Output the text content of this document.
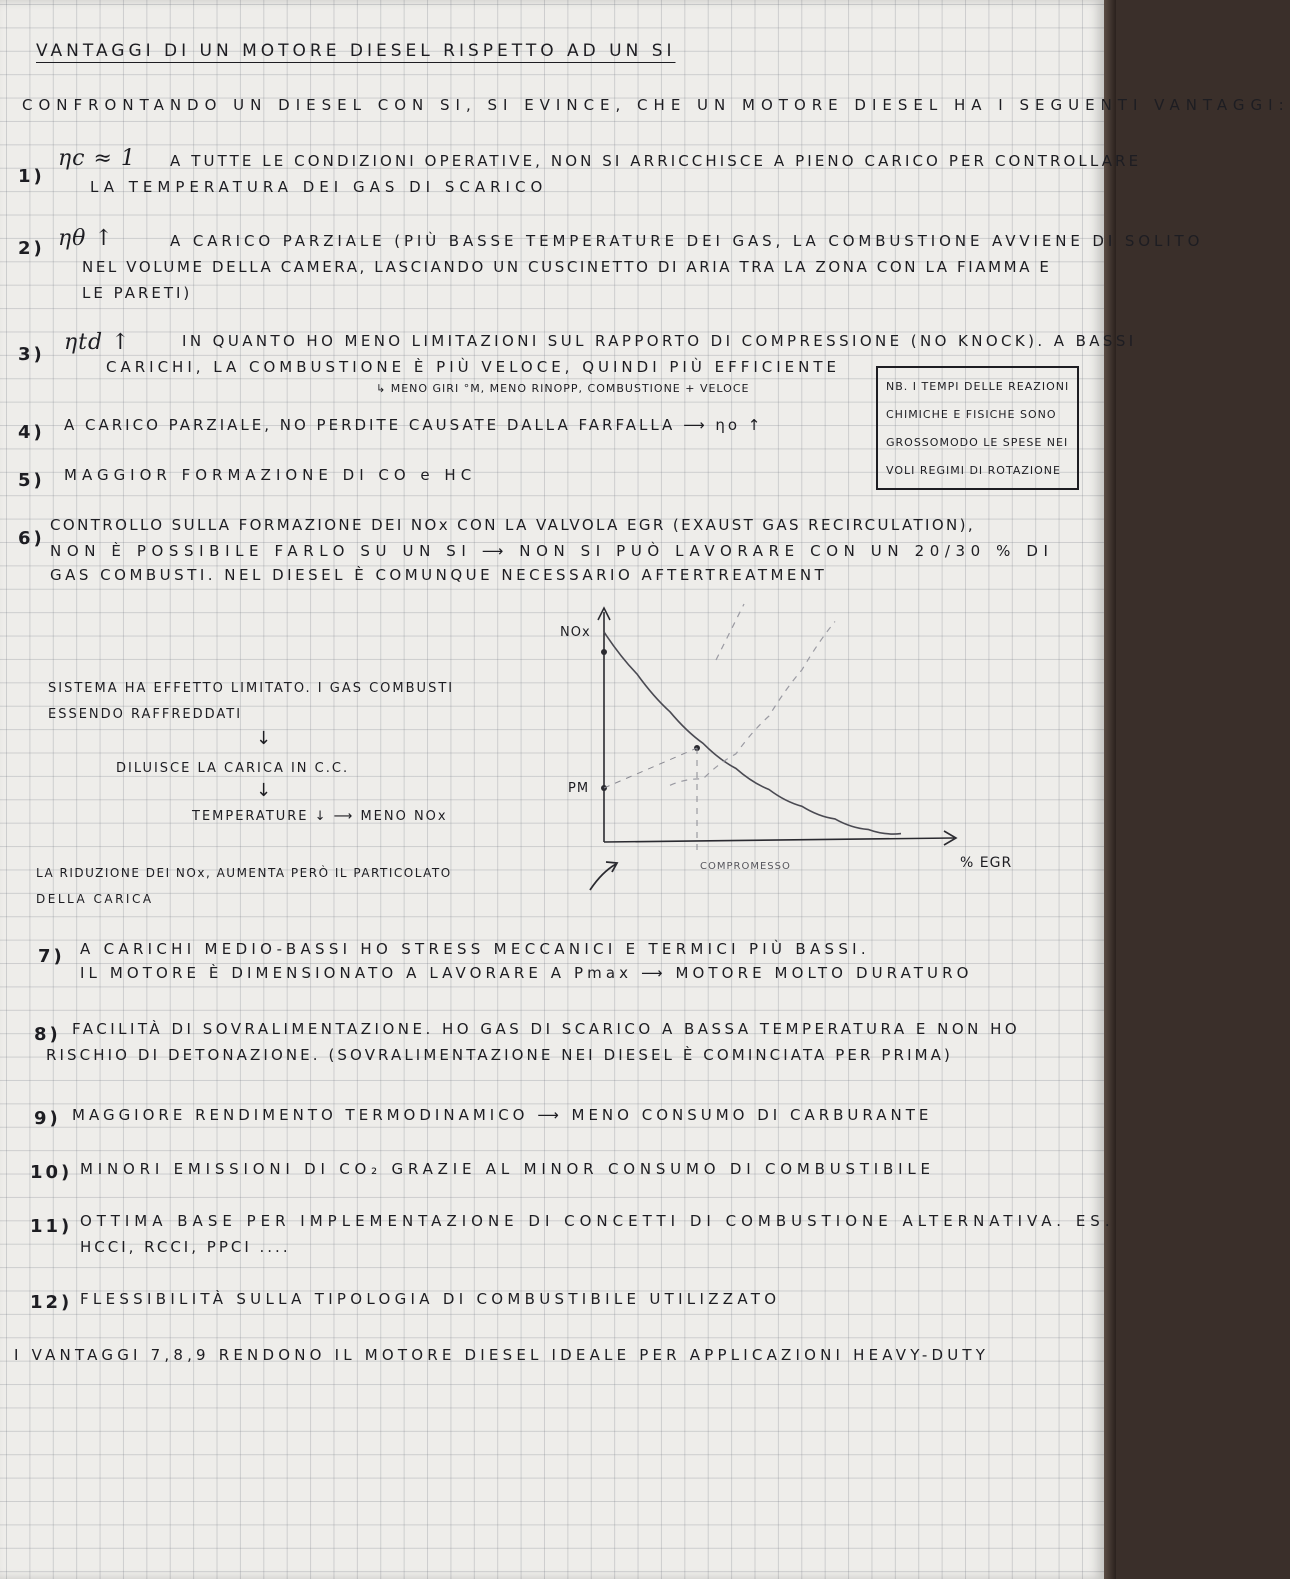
VANTAGGI DI UN MOTORE DIESEL RISPETTO AD UN SI

CONFRONTANDO UN DIESEL CON SI, SI EVINCE, CHE UN MOTORE DIESEL HA I SEGUENTI VANTAGGI:

1)

ηc ≈ 1 A TUTTE LE CONDIZIONI OPERATIVE, NON SI ARRICCHISCE A PIENO CARICO PER CONTROLLARE

LA TEMPERATURA DEI GAS DI SCARICO

2) ηθ ↑	A CARICO PARZIALE (PIÙ BASSE TEMPERATURE DEI GAS, LA COMBUSTIONE AVVIENE DI SOLITO

NEL VOLUME DELLA CAMERA, LASCIANDO UN CUSCINETTO DI ARIA TRA LA ZONA CON LA FIAMMA E

LE PARETI)

3) ηtd ↑	IN QUANTO HO MENO LIMITAZIONI SUL RAPPORTO DI COMPRESSIONE (NO KNOCK). A BASSI

CARICHI, LA COMBUSTIONE È PIÙ VELOCE, QUINDI PIÙ EFFICIENTE

↳ MENO GIRI °M, MENO RINOPP, COMBUSTIONE + VELOCE

4) A CARICO PARZIALE, NO PERDITE CAUSATE DALLA FARFALLA ⟶ ηo ↑

5) MAGGIOR FORMAZIONE DI CO e HC

NB. I TEMPI DELLE REAZIONI

CHIMICHE E FISICHE SONO

GROSSOMODO LE SPESE NEI

VOLI REGIMI DI ROTAZIONE

6)

CONTROLLO SULLA FORMAZIONE DEI NOx CON LA VALVOLA EGR (EXAUST GAS RECIRCULATION),

NON È POSSIBILE FARLO SU UN SI ⟶ NON SI PUÒ LAVORARE CON UN 20/30 % DI

GAS COMBUSTI. NEL DIESEL È COMUNQUE NECESSARIO AFTERTREATMENT

SISTEMA HA EFFETTO LIMITATO. I GAS COMBUSTI

ESSENDO RAFFREDDATI

↓

DILUISCE LA CARICA IN C.C.

↓

TEMPERATURE ↓ ⟶ MENO NOx

LA RIDUZIONE DEI NOx, AUMENTA PERÒ IL PARTICOLATO

DELLA CARICA

NOx

PM

COMPROMESSO	% EGR

7) A CARICHI MEDIO-BASSI HO STRESS MECCANICI E TERMICI PIÙ BASSI.

IL MOTORE È DIMENSIONATO A LAVORARE A Pmax ⟶ MOTORE MOLTO DURATURO

8) FACILITÀ DI SOVRALIMENTAZIONE. HO GAS DI SCARICO A BASSA TEMPERATURA E NON HO

RISCHIO DI DETONAZIONE. (SOVRALIMENTAZIONE NEI DIESEL È COMINCIATA PER PRIMA)

9) MAGGIORE RENDIMENTO TERMODINAMICO ⟶ MENO CONSUMO DI CARBURANTE

10) MINORI EMISSIONI DI CO₂ GRAZIE AL MINOR CONSUMO DI COMBUSTIBILE

11) OTTIMA BASE PER IMPLEMENTAZIONE DI CONCETTI DI COMBUSTIONE ALTERNATIVA. ES.

HCCI, RCCI, PPCI ....

12) FLESSIBILITÀ SULLA TIPOLOGIA DI COMBUSTIBILE UTILIZZATO

I VANTAGGI 7,8,9 RENDONO IL MOTORE DIESEL IDEALE PER APPLICAZIONI HEAVY-DUTY
